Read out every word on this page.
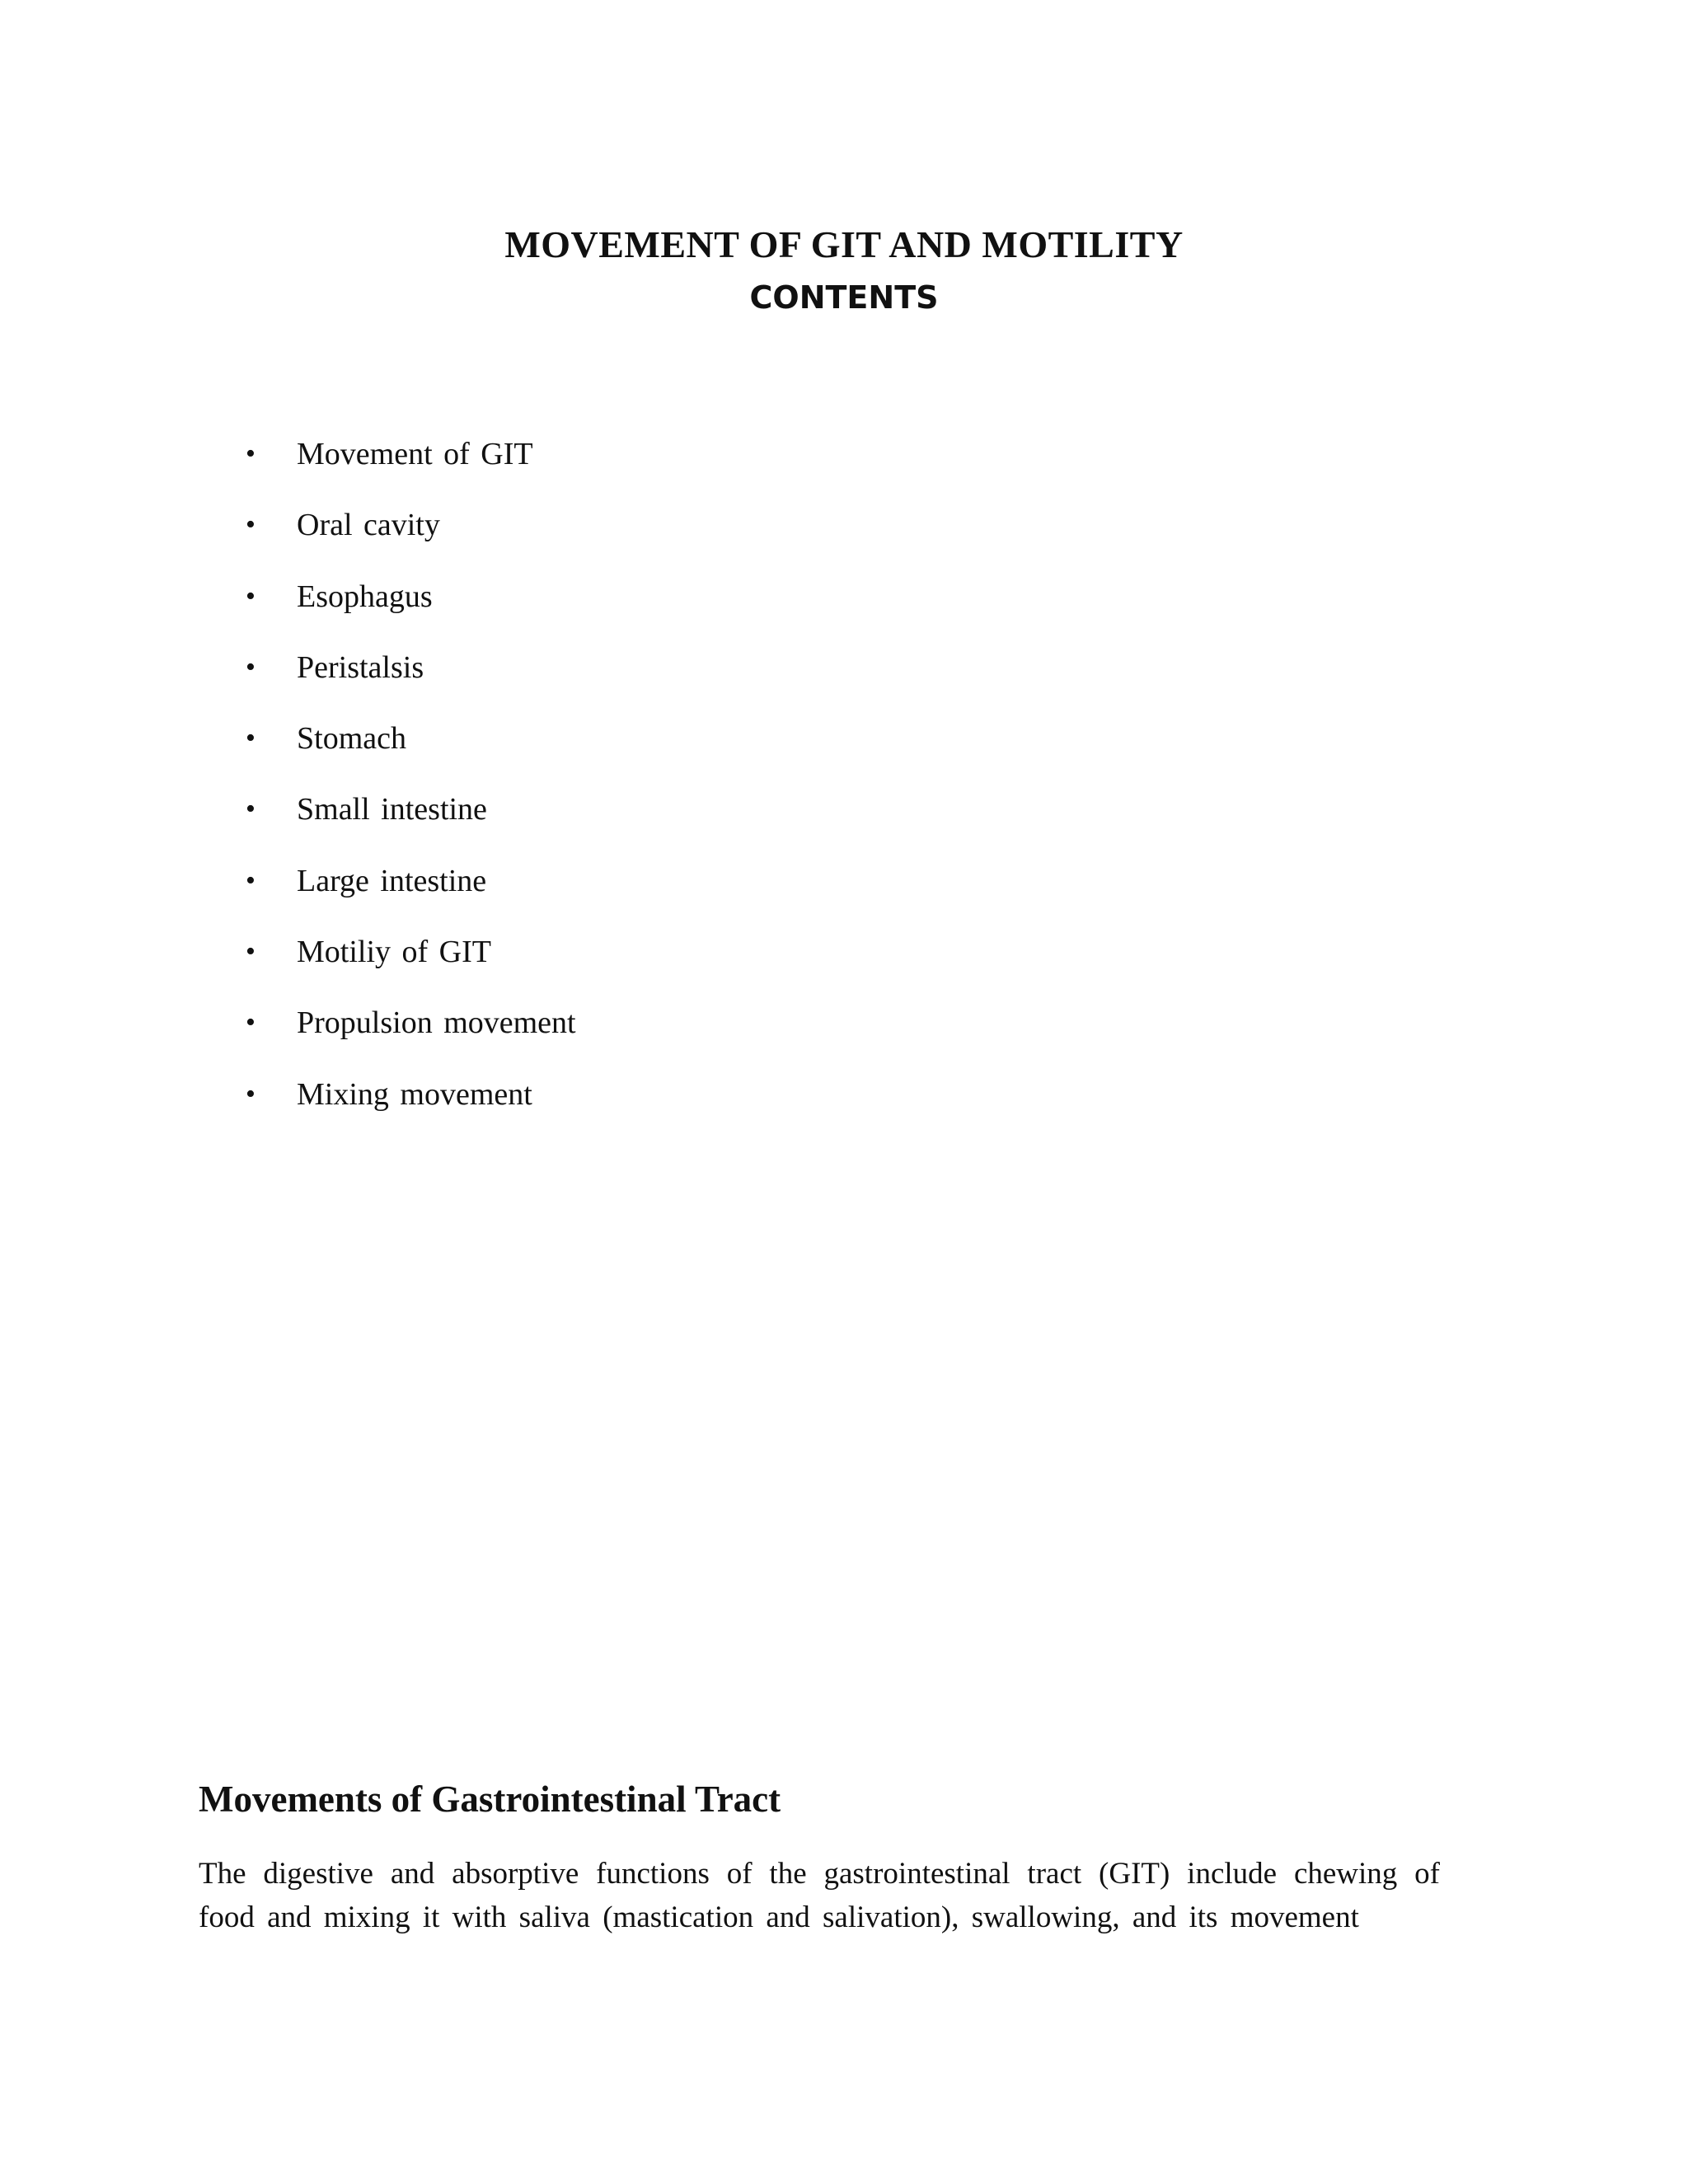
MOVEMENT OF GIT AND MOTILITY
CONTENTS
• Movement of GIT
• Oral cavity
• Esophagus
• Peristalsis
• Stomach
• Small intestine
• Large intestine
• Motiliy of GIT
• Propulsion movement
• Mixing movement
Movements of Gastrointestinal Tract

The digestive and absorptive functions of the gastrointestinal tract (GIT) include chewing of food and mixing it with saliva (mastication and salivation), swallowing, and its movement
